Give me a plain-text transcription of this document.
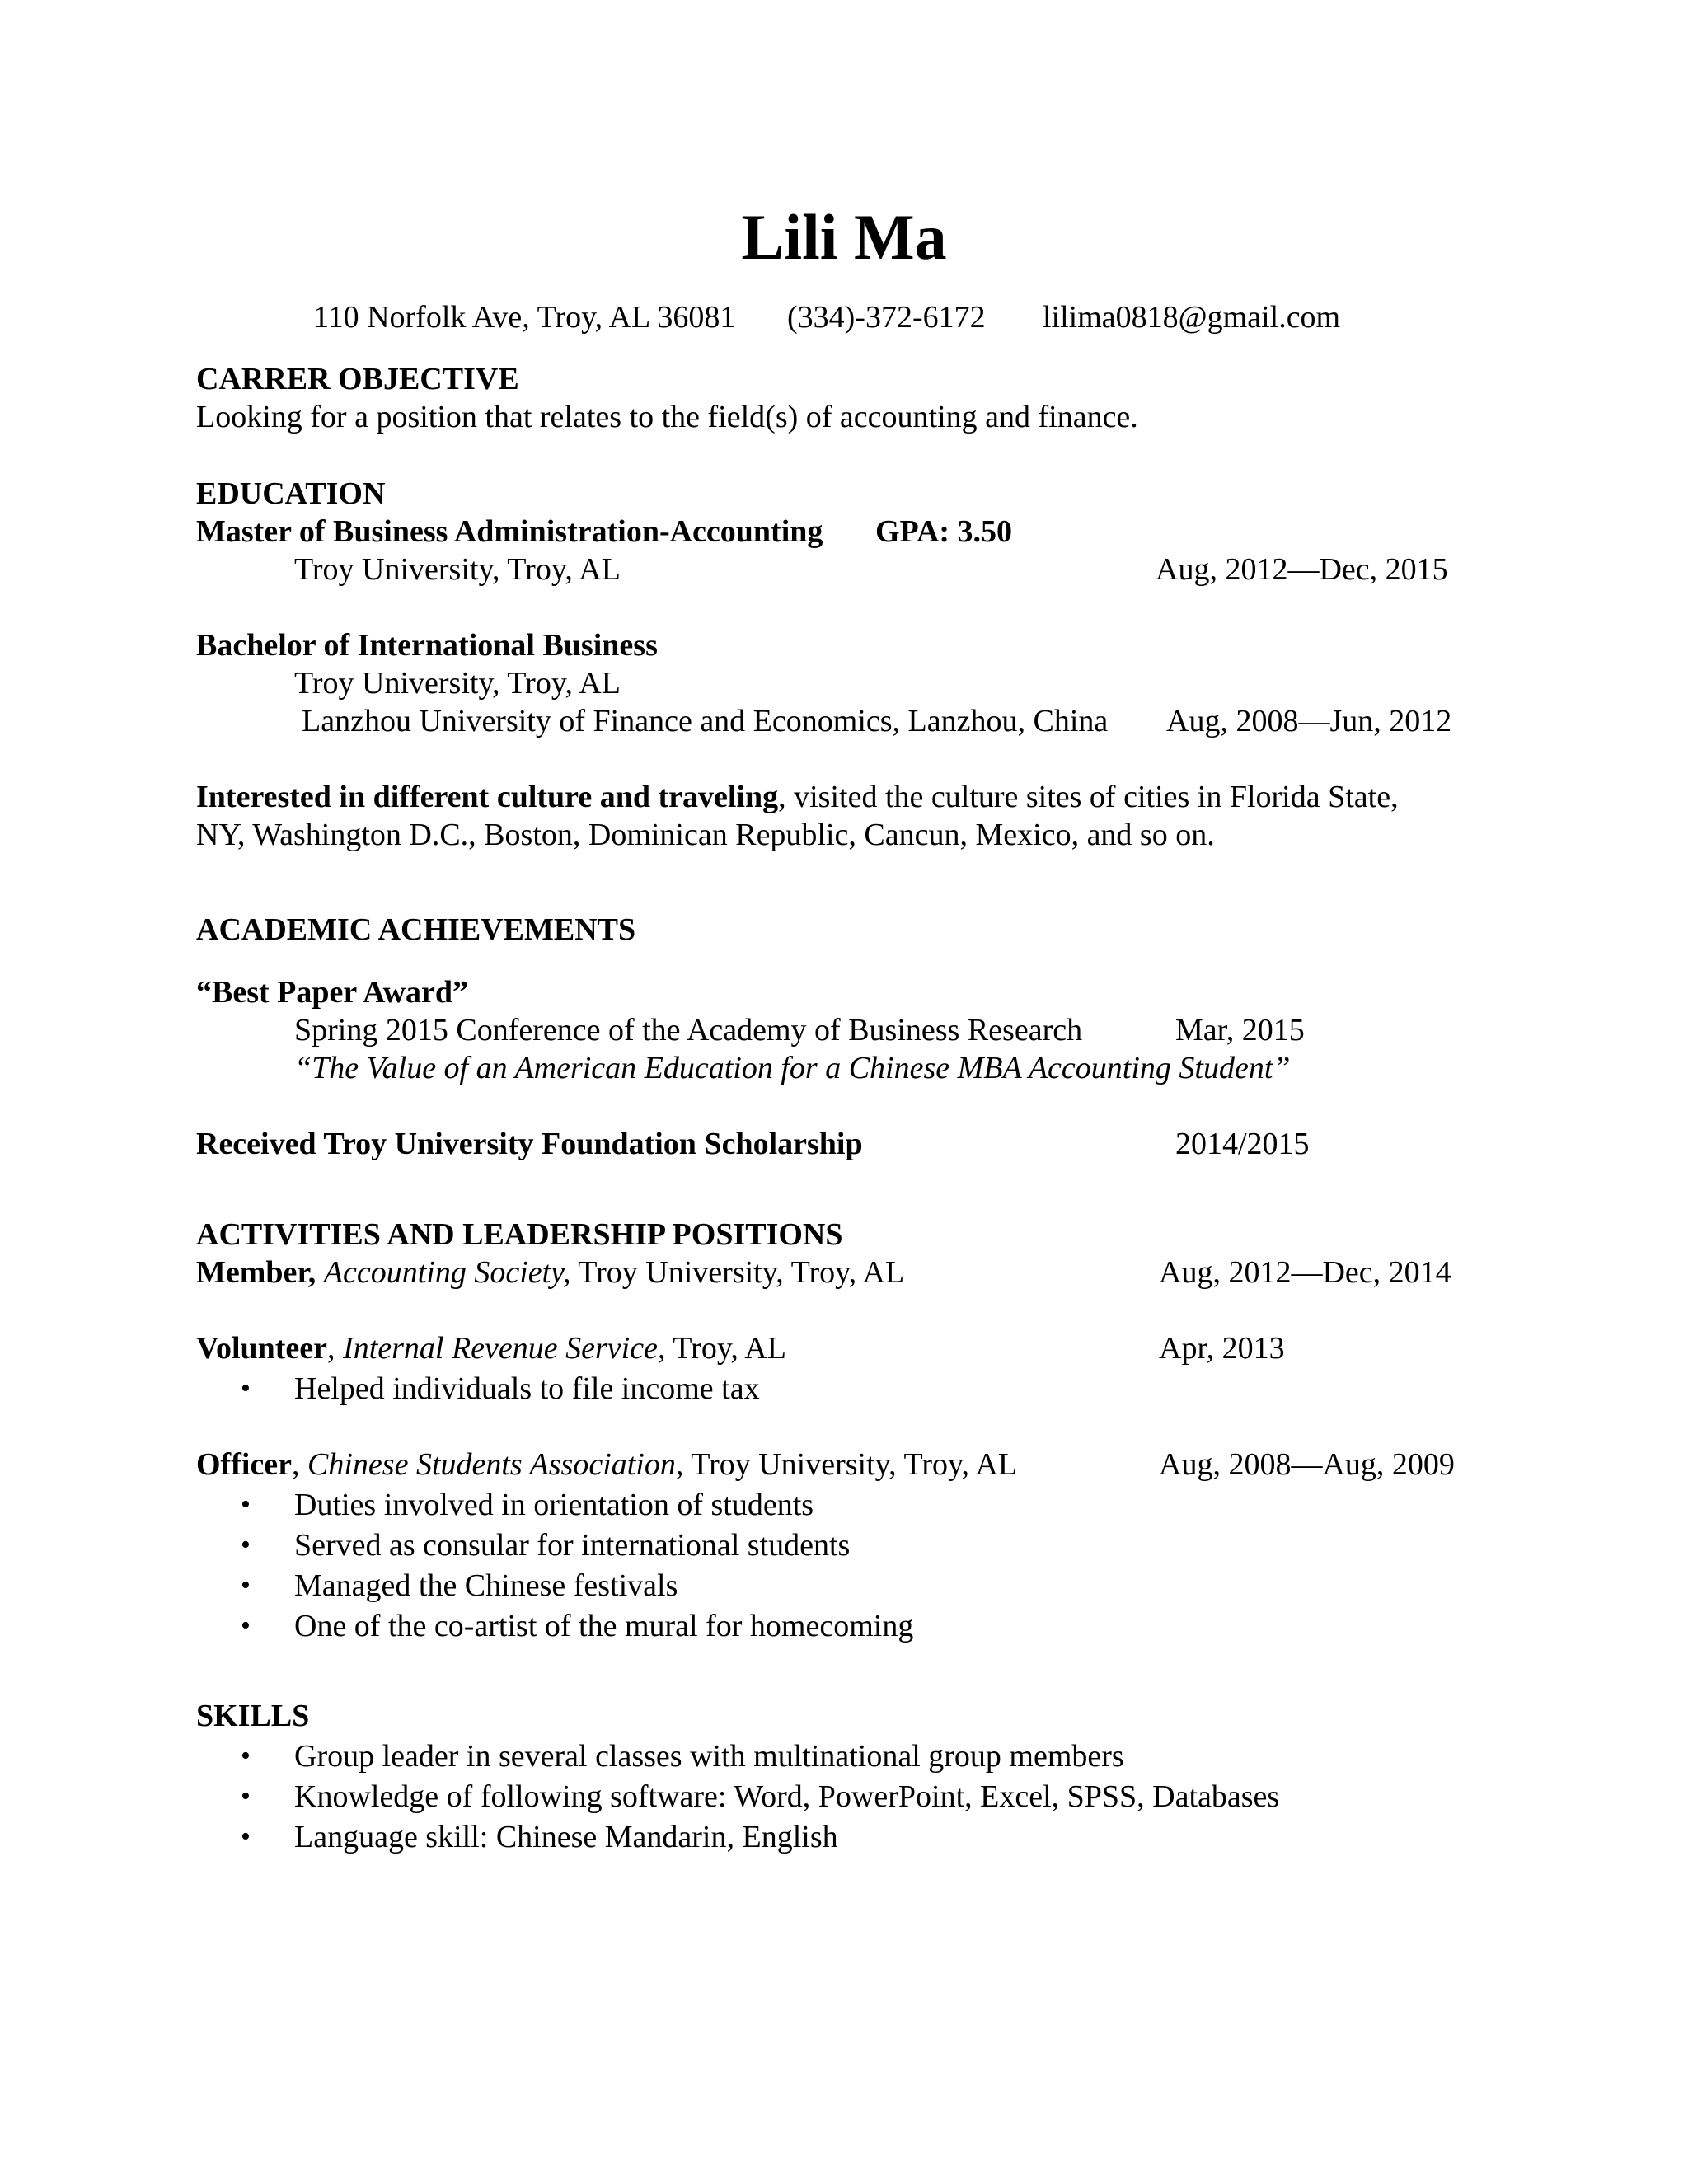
Lili Ma
110 Norfolk Ave, Troy, AL 36081 (334)-372-6172 lilima0818@gmail.com
CARRER OBJECTIVE
Looking for a position that relates to the field(s) of accounting and finance.
EDUCATION
Master of Business Administration-Accounting GPA: 3.50
Troy University, Troy, AL	Aug, 2012—Dec, 2015
Bachelor of International Business
Troy University, Troy, AL
Lanzhou University of Finance and Economics, Lanzhou, China Aug, 2008—Jun, 2012
Interested in different culture and traveling, visited the culture sites of cities in Florida State,
NY, Washington D.C., Boston, Dominican Republic, Cancun, Mexico, and so on.
ACADEMIC ACHIEVEMENTS
“Best Paper Award”
Spring 2015 Conference of the Academy of Business Research	Mar, 2015
“The Value of an American Education for a Chinese MBA Accounting Student”
Received Troy University Foundation Scholarship	2014/2015
ACTIVITIES AND LEADERSHIP POSITIONS
Member, Accounting Society, Troy University, Troy, AL	Aug, 2012—Dec, 2014
Volunteer, Internal Revenue Service, Troy, AL	Apr, 2013
• Helped individuals to file income tax
Officer, Chinese Students Association, Troy University, Troy, AL	Aug, 2008—Aug, 2009
• Duties involved in orientation of students
• Served as consular for international students
• Managed the Chinese festivals
• One of the co-artist of the mural for homecoming
SKILLS
• Group leader in several classes with multinational group members
• Knowledge of following software: Word, PowerPoint, Excel, SPSS, Databases
• Language skill: Chinese Mandarin, English
